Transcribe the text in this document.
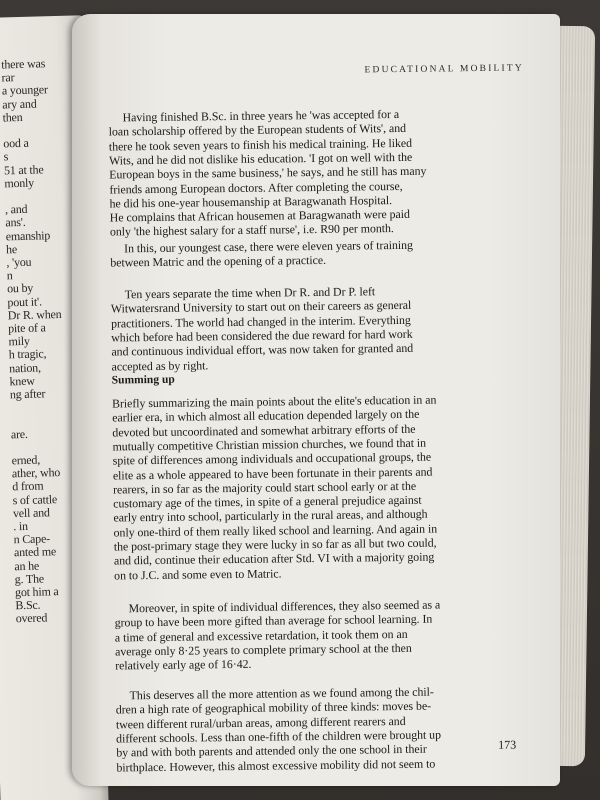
there was
rar
a younger
ary and
then
ood a
s
51 at the
monly
, and
ans'.
emanship
he
, 'you
n
ou by
pout it'.
Dr R. when
pite of a
mily
h tragic,
nation,
knew
ng after
are.
erned,
ather, who
d from
s of cattle
vell and
. in
n Cape-
anted me
an he
g. The
got him a
B.Sc.
overed
EDUCATIONAL MOBILITY
Having finished B.Sc. in three years he 'was accepted for a
loan scholarship offered by the European students of Wits', and
there he took seven years to finish his medical training. He liked
Wits, and he did not dislike his education. 'I got on well with the
European boys in the same business,' he says, and he still has many
friends among European doctors. After completing the course,
he did his one-year housemanship at Baragwanath Hospital.
He complains that African housemen at Baragwanath were paid
only 'the highest salary for a staff nurse', i.e. R90 per month.
In this, our youngest case, there were eleven years of training
between Matric and the opening of a practice.
Ten years separate the time when Dr R. and Dr P. left
Witwatersrand University to start out on their careers as general
practitioners. The world had changed in the interim. Everything
which before had been considered the due reward for hard work
and continuous individual effort, was now taken for granted and
accepted as by right.
Briefly summarizing the main points about the elite's education in an
earlier era, in which almost all education depended largely on the
devoted but uncoordinated and somewhat arbitrary efforts of the
mutually competitive Christian mission churches, we found that in
spite of differences among individuals and occupational groups, the
elite as a whole appeared to have been fortunate in their parents and
rearers, in so far as the majority could start school early or at the
customary age of the times, in spite of a general prejudice against
early entry into school, particularly in the rural areas, and although
only one-third of them really liked school and learning. And again in
the post-primary stage they were lucky in so far as all but two could,
and did, continue their education after Std. VI with a majority going
on to J.C. and some even to Matric.
Moreover, in spite of individual differences, they also seemed as a
group to have been more gifted than average for school learning. In
a time of general and excessive retardation, it took them on an
average only 8·25 years to complete primary school at the then
relatively early age of 16·42.
This deserves all the more attention as we found among the chil-
dren a high rate of geographical mobility of three kinds: moves be-
tween different rural/urban areas, among different rearers and
different schools. Less than one-fifth of the children were brought up
by and with both parents and attended only the one school in their
birthplace. However, this almost excessive mobility did not seem to
Summing up
173
